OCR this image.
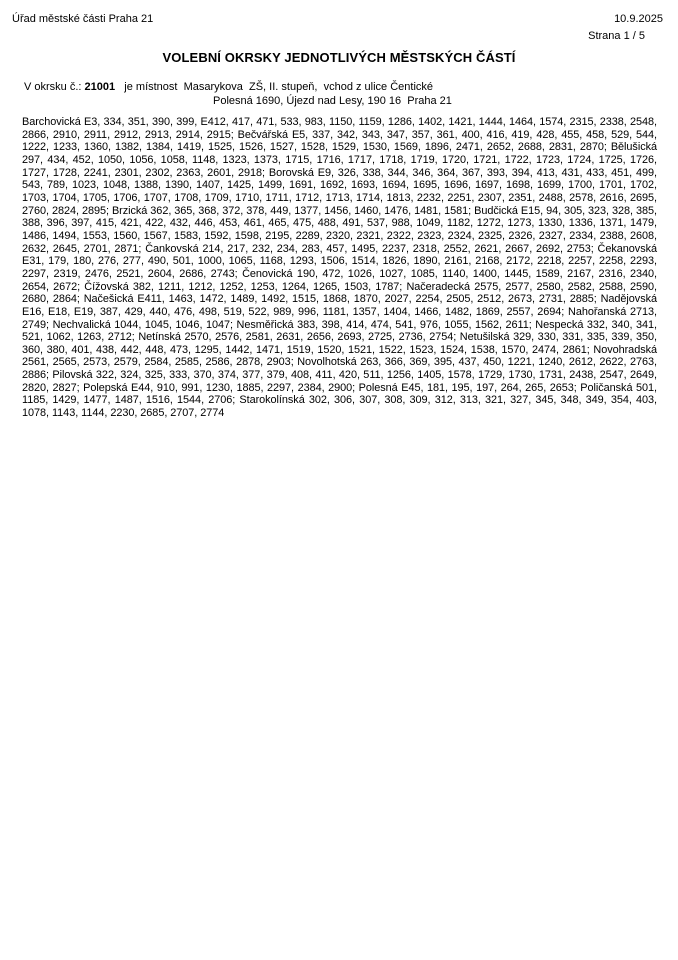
Úřad městské části Praha 21	10.9.2025
Strana 1 / 5
VOLEBNÍ OKRSKY JEDNOTLIVÝCH MĚSTSKÝCH ČÁSTÍ
V okrsku č.: 21001   je místnost  Masarykova  ZŠ, II. stupeň,  vchod z ulice Čentické
Polesná 1690, Újezd nad Lesy, 190 16  Praha 21

Barchovická E3, 334, 351, 390, 399, E412, 417, 471, 533, 983, 1150, 1159, 1286, 1402, 1421, 1444, 1464, 1574, 2315, 2338, 2548, 2866, 2910, 2911, 2912, 2913, 2914, 2915; Bečvářská E5, 337, 342, 343, 347, 357, 361, 400, 416, 419, 428, 455, 458, 529, 544, 1222, 1233, 1360, 1382, 1384, 1419, 1525, 1526, 1527, 1528, 1529, 1530, 1569, 1896, 2471, 2652, 2688, 2831, 2870; Bělušická 297, 434, 452, 1050, 1056, 1058, 1148, 1323, 1373, 1715, 1716, 1717, 1718, 1719, 1720, 1721, 1722, 1723, 1724, 1725, 1726, 1727, 1728, 2241, 2301, 2302, 2363, 2601, 2918; Borovská E9, 326, 338, 344, 346, 364, 367, 393, 394, 413, 431, 433, 451, 499, 543, 789, 1023, 1048, 1388, 1390, 1407, 1425, 1499, 1691, 1692, 1693, 1694, 1695, 1696, 1697, 1698, 1699, 1700, 1701, 1702, 1703, 1704, 1705, 1706, 1707, 1708, 1709, 1710, 1711, 1712, 1713, 1714, 1813, 2232, 2251, 2307, 2351, 2488, 2578, 2616, 2695, 2760, 2824, 2895; Brzická 362, 365, 368, 372, 378, 449, 1377, 1456, 1460, 1476, 1481, 1581; Budčická E15, 94, 305, 323, 328, 385, 388, 396, 397, 415, 421, 422, 432, 446, 453, 461, 465, 475, 488, 491, 537, 988, 1049, 1182, 1272, 1273, 1330, 1336, 1371, 1479, 1486, 1494, 1553, 1560, 1567, 1583, 1592, 1598, 2195, 2289, 2320, 2321, 2322, 2323, 2324, 2325, 2326, 2327, 2334, 2388, 2608, 2632, 2645, 2701, 2871; Čankovská 214, 217, 232, 234, 283, 457, 1495, 2237, 2318, 2552, 2621, 2667, 2692, 2753; Čekanovská E31, 179, 180, 276, 277, 490, 501, 1000, 1065, 1168, 1293, 1506, 1514, 1826, 1890, 2161, 2168, 2172, 2218, 2257, 2258, 2293, 2297, 2319, 2476, 2521, 2604, 2686, 2743; Čenovická 190, 472, 1026, 1027, 1085, 1140, 1400, 1445, 1589, 2167, 2316, 2340, 2654, 2672; Čížovská 382, 1211, 1212, 1252, 1253, 1264, 1265, 1503, 1787; Načeradecká 2575, 2577, 2580, 2582, 2588, 2590, 2680, 2864; Načešická E411, 1463, 1472, 1489, 1492, 1515, 1868, 1870, 2027, 2254, 2505, 2512, 2673, 2731, 2885; Nadějovská E16, E18, E19, 387, 429, 440, 476, 498, 519, 522, 989, 996, 1181, 1357, 1404, 1466, 1482, 1869, 2557, 2694; Nahořanská 2713, 2749; Nechvalická 1044, 1045, 1046, 1047; Nesměřická 383, 398, 414, 474, 541, 976, 1055, 1562, 2611; Nespecká 332, 340, 341, 521, 1062, 1263, 2712; Netínská 2570, 2576, 2581, 2631, 2656, 2693, 2725, 2736, 2754; Netušilská 329, 330, 331, 335, 339, 350, 360, 380, 401, 438, 442, 448, 473, 1295, 1442, 1471, 1519, 1520, 1521, 1522, 1523, 1524, 1538, 1570, 2474, 2861; Novohradská 2561, 2565, 2573, 2579, 2584, 2585, 2586, 2878, 2903; Novolhotská 263, 366, 369, 395, 437, 450, 1221, 1240, 2612, 2622, 2763, 2886; Pilovská 322, 324, 325, 333, 370, 374, 377, 379, 408, 411, 420, 511, 1256, 1405, 1578, 1729, 1730, 1731, 2438, 2547, 2649, 2820, 2827; Polepská E44, 910, 991, 1230, 1885, 2297, 2384, 2900; Polesná E45, 181, 195, 197, 264, 265, 2653; Poličanská 501, 1185, 1429, 1477, 1487, 1516, 1544, 2706; Starokolínská 302, 306, 307, 308, 309, 312, 313, 321, 327, 345, 348, 349, 354, 403, 1078, 1143, 1144, 2230, 2685, 2707, 2774
